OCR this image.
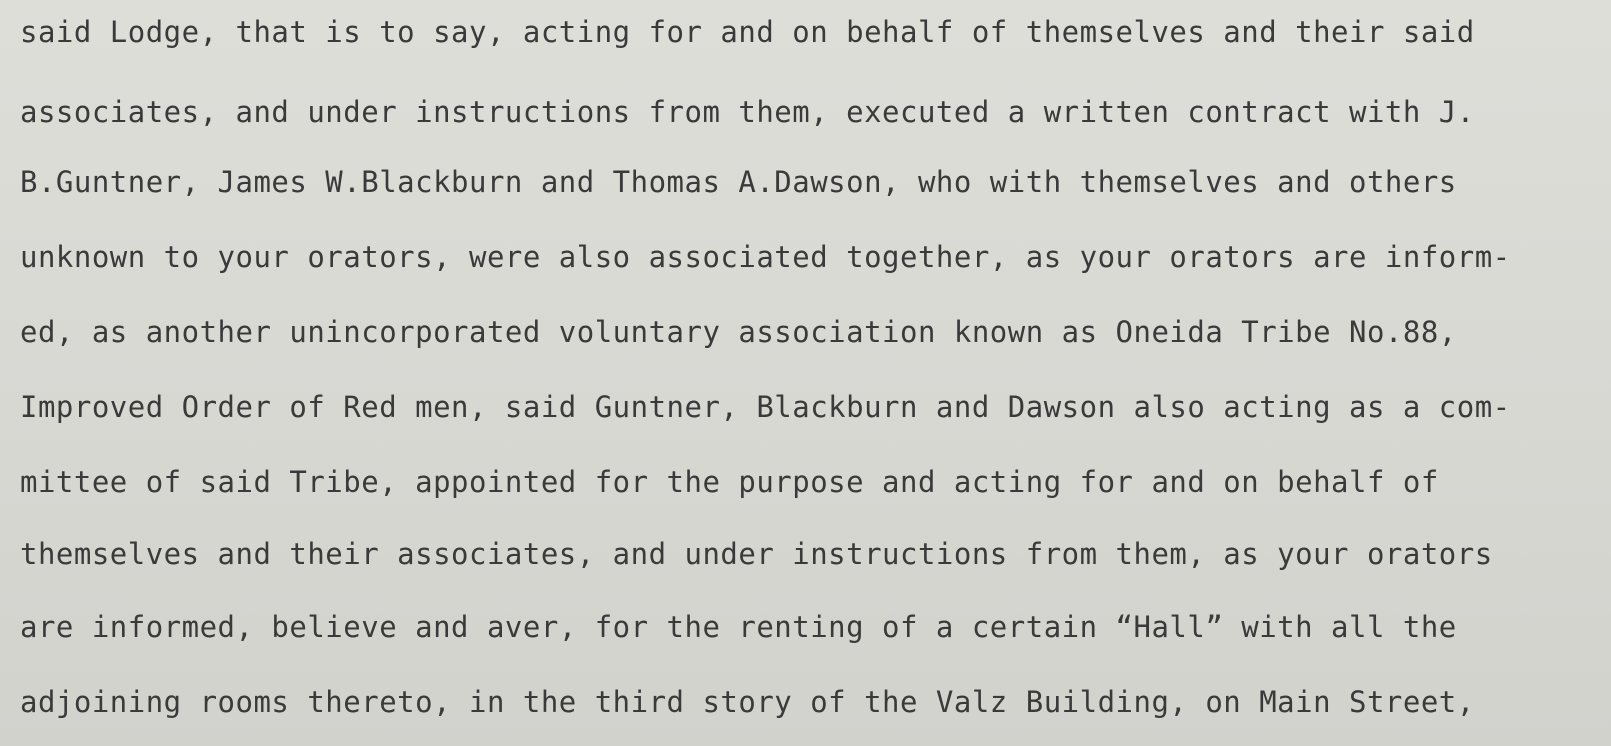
said Lodge, that is to say, acting for and on behalf of themselves and their said

associates, and under instructions from them, executed a written contract with J.

B.Guntner, James W.Blackburn and Thomas A.Dawson, who with themselves and others

unknown to your orators, were also associated together, as your orators are inform-

ed, as another unincorporated voluntary association known as Oneida Tribe No.88,

Improved Order of Red men, said Guntner, Blackburn and Dawson also acting as a com-

mittee of said Tribe, appointed for the purpose and acting for and on behalf of

themselves and their associates, and under instructions from them, as your orators

are informed, believe and aver, for the renting of a certain “Hall” with all the

adjoining rooms thereto, in the third story of the Valz Building, on Main Street,
